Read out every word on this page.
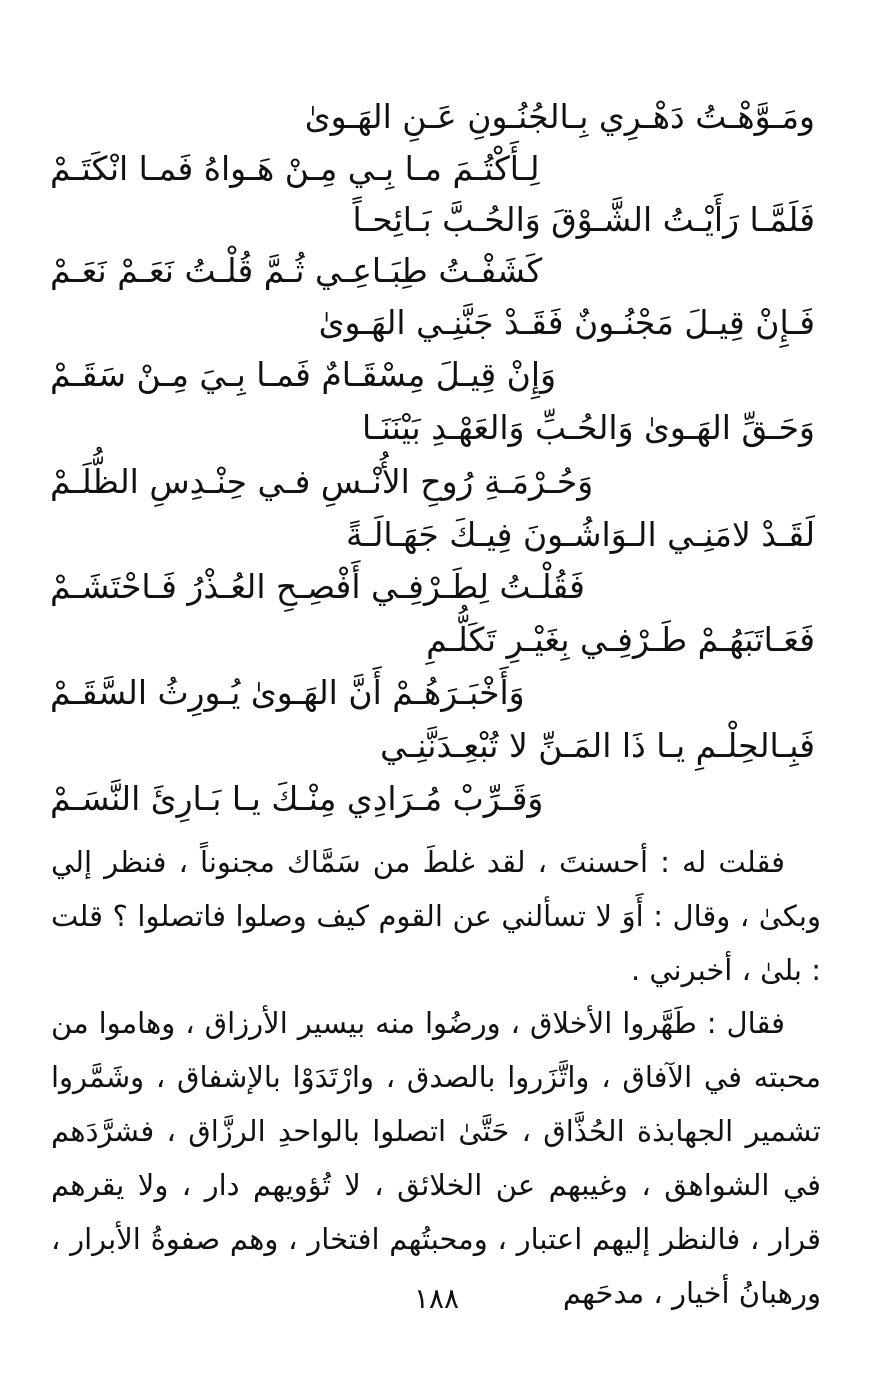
ومَـوَّهْـتُ دَهْـرِي بِـالجُنُـونِ عَـنِ الهَـوىٰ
لِـأَكْتُـمَ مـا بِـي مِـنْ هَـواهُ فَمـا انْكَتَـمْ
فَلَمَّـا رَأَيْـتُ الشَّـوْقَ وَالحُـبَّ بَـائِحـاً
كَشَفْـتُ طِبَـاعِـي ثُـمَّ قُلْـتُ نَعَـمْ نَعَـمْ
فَـإِنْ قِيـلَ مَجْنُـونٌ فَقَـدْ جَنَّنِـي الهَـوىٰ
وَإِنْ قِيـلَ مِسْقَـامٌ فَمـا بِـيَ مِـنْ سَقَـمْ
وَحَـقِّ الهَـوىٰ وَالحُـبِّ وَالعَهْـدِ بَيْنَنَـا
وَحُـرْمَـةِ رُوحِ الأُنْـسِ فـي حِنْـدِسِ الظُّلَـمْ
لَقَـدْ لامَنِـي الـوَاشُـونَ فِيـكَ جَهَـالَـةً
فَقُلْـتُ لِطَـرْفِـي أَفْصِـحِ العُـذْرُ فَـاحْتَشَـمْ
فَعَـاتَبَهُـمْ طَـرْفِـي بِغَيْـرِ تَكَلُّـمِ
وَأَخْبَـرَهُـمْ أَنَّ الهَـوىٰ يُـورِثُ السَّقَـمْ
فَبِـالحِلْـمِ يـا ذَا المَـنِّ لا تُبْعِـدَنَّنِـي
وَقَـرِّبْ مُـرَادِي مِنْـكَ يـا بَـارِئَ النَّسَـمْ

فقلت له : أحسنتَ ، لقد غلطَ من سَمَّاك مجنوناً ، فنظر إلي وبكىٰ ، وقال : أَوَ لا تسألني عن القوم كيف وصلوا فاتصلوا ؟ قلت : بلىٰ ، أخبرني .

فقال : طَهَّروا الأخلاق ، ورضُوا منه بيسير الأرزاق ، وهاموا من محبته في الآفاق ، واتَّزَروا بالصدق ، وارْتَدَوْا بالإشفاق ، وشَمَّروا تشمير الجهابذة الحُذَّاق ، حَتَّىٰ اتصلوا بالواحدِ الرزَّاق ، فشرَّدَهم في الشواهق ، وغيبهم عن الخلائق ، لا تُؤويهم دار ، ولا يقرهم قرار ، فالنظر إليهم اعتبار ، ومحبتُهم افتخار ، وهم صفوةُ الأبرار ، ورهبانُ أخيار ، مدحَهم

١٨٨
